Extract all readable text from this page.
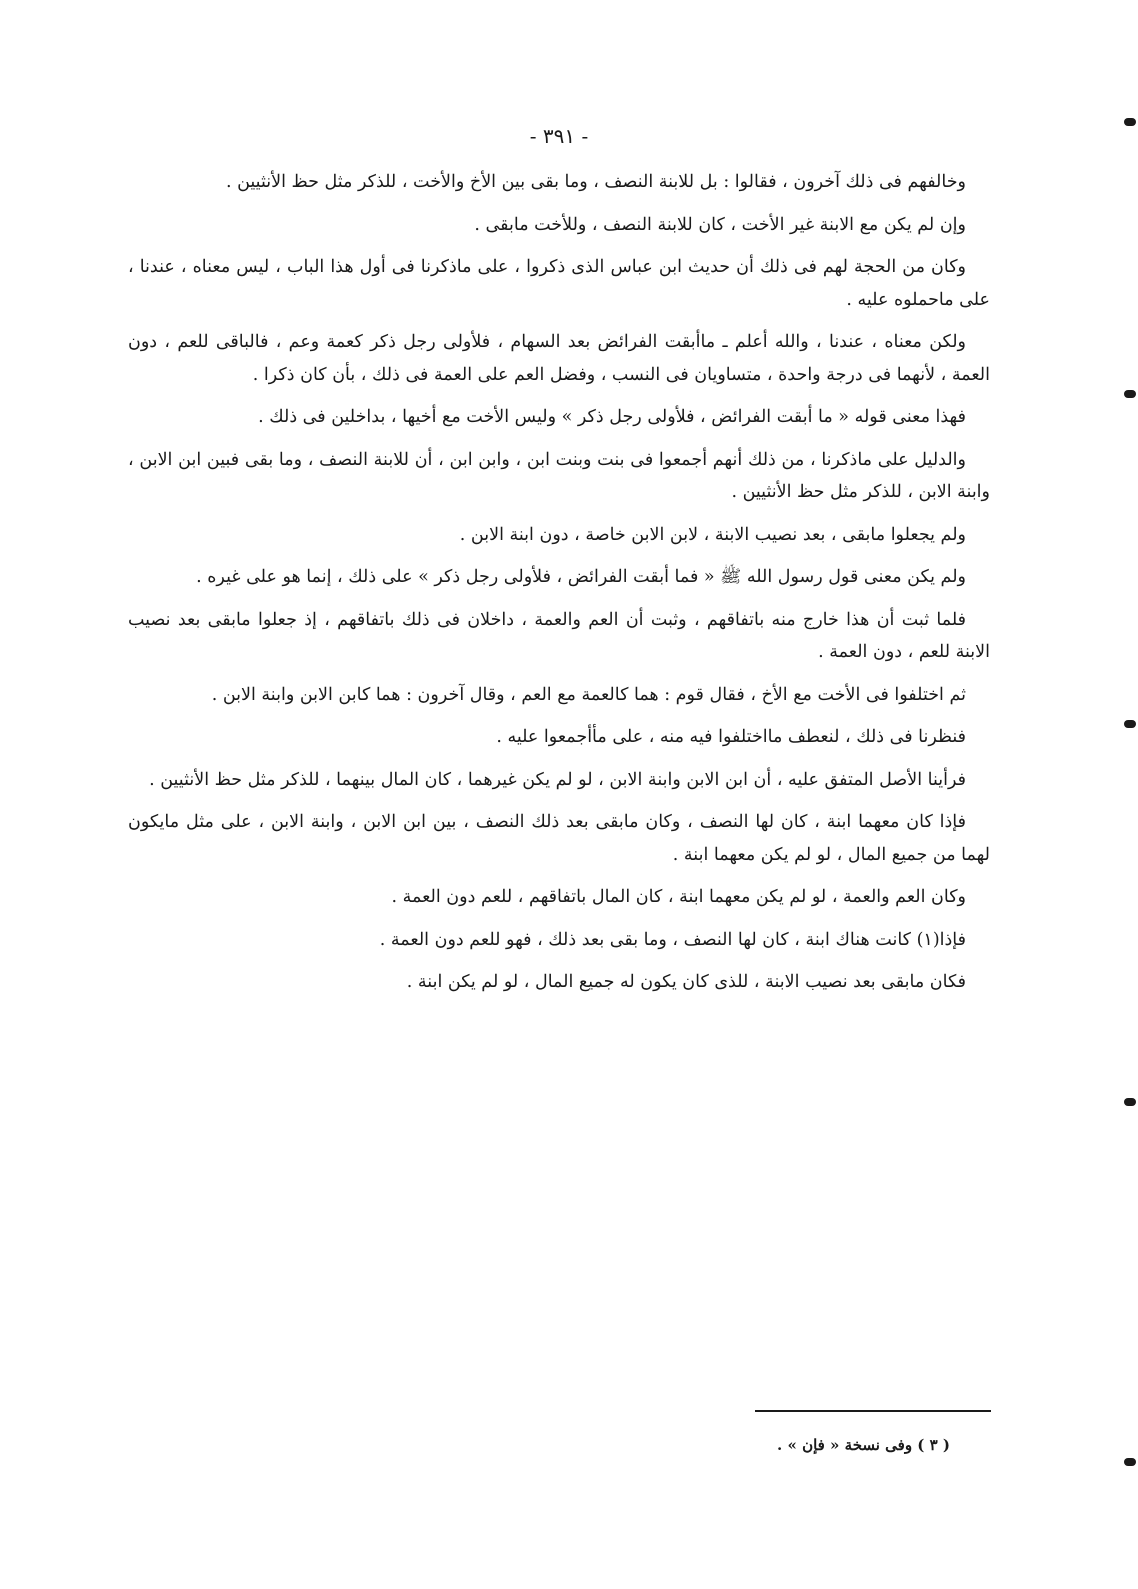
- ٣٩١ -

وخالفهم فى ذلك آخرون ، فقالوا : بل للابنة النصف ، وما بقى بين الأخ والأخت ، للذكر مثل حظ الأنثيين .

وإن لم يكن مع الابنة غير الأخت ، كان للابنة النصف ، وللأخت مابقى .

وكان من الحجة لهم فى ذلك أن حديث ابن عباس الذى ذكروا ، على ماذكرنا فى أول هذا الباب ، ليس معناه ، عندنا ، على ماحملوه عليه .

ولكن معناه ، عندنا ، والله أعلم ـ ماأبقت الفرائض بعد السهام ، فلأولى رجل ذكر كعمة وعم ، فالباقى للعم ، دون العمة ، لأنهما فى درجة واحدة ، متساويان فى النسب ، وفضل العم على العمة فى ذلك ، بأن كان ذكرا .

فهذا معنى قوله « ما أبقت الفرائض ، فلأولى رجل ذكر » وليس الأخت مع أخيها ، بداخلين فى ذلك .

والدليل على ماذكرنا ، من ذلك أنهم أجمعوا فى بنت وبنت ابن ، وابن ابن ، أن للابنة النصف ، وما بقى فبين ابن الابن ، وابنة الابن ، للذكر مثل حظ الأنثيين .

ولم يجعلوا مابقى ، بعد نصيب الابنة ، لابن الابن خاصة ، دون ابنة الابن .

ولم يكن معنى قول رسول الله ﷺ « فما أبقت الفرائض ، فلأولى رجل ذكر » على ذلك ، إنما هو على غيره .

فلما ثبت أن هذا خارج منه باتفاقهم ، وثبت أن العم والعمة ، داخلان فى ذلك باتفاقهم ، إذ جعلوا مابقى بعد نصيب الابنة للعم ، دون العمة .

ثم اختلفوا فى الأخت مع الأخ ، فقال قوم : هما كالعمة مع العم ، وقال آخرون : هما كابن الابن وابنة الابن .

فنظرنا فى ذلك ، لنعطف مااختلفوا فيه منه ، على مأأجمعوا عليه .

فرأينا الأصل المتفق عليه ، أن ابن الابن وابنة الابن ، لو لم يكن غيرهما ، كان المال بينهما ، للذكر مثل حظ الأنثيين .

فإذا كان معهما ابنة ، كان لها النصف ، وكان مابقى بعد ذلك النصف ، بين ابن الابن ، وابنة الابن ، على مثل مايكون لهما من جميع المال ، لو لم يكن معهما ابنة .

وكان العم والعمة ، لو لم يكن معهما ابنة ، كان المال باتفاقهم ، للعم دون العمة .

فإذا(١) كانت هناك ابنة ، كان لها النصف ، وما بقى بعد ذلك ، فهو للعم دون العمة .

فكان مابقى بعد نصيب الابنة ، للذى كان يكون له جميع المال ، لو لم يكن ابنة .

( ٣ ) وفى نسخة « فإن » .
